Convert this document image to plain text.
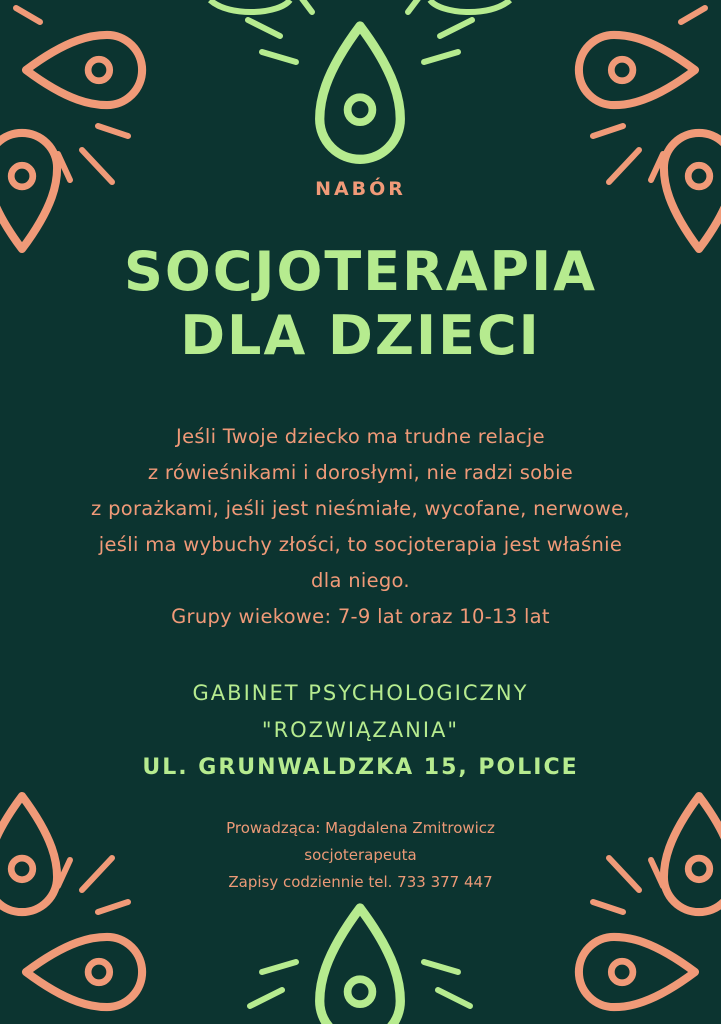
NABÓR
SOCJOTERAPIA
DLA DZIECI
Jeśli Twoje dziecko ma trudne relacje
z rówieśnikami i dorosłymi, nie radzi sobie
z porażkami, jeśli jest nieśmiałe, wycofane, nerwowe,
jeśli ma wybuchy złości, to socjoterapia jest właśnie
dla niego.
Grupy wiekowe: 7-9 lat oraz 10-13 lat
GABINET PSYCHOLOGICZNY
"ROZWIĄZANIA"
UL. GRUNWALDZKA 15, POLICE
Prowadząca: Magdalena Zmitrowicz
socjoterapeuta
Zapisy codziennie tel. 733 377 447
